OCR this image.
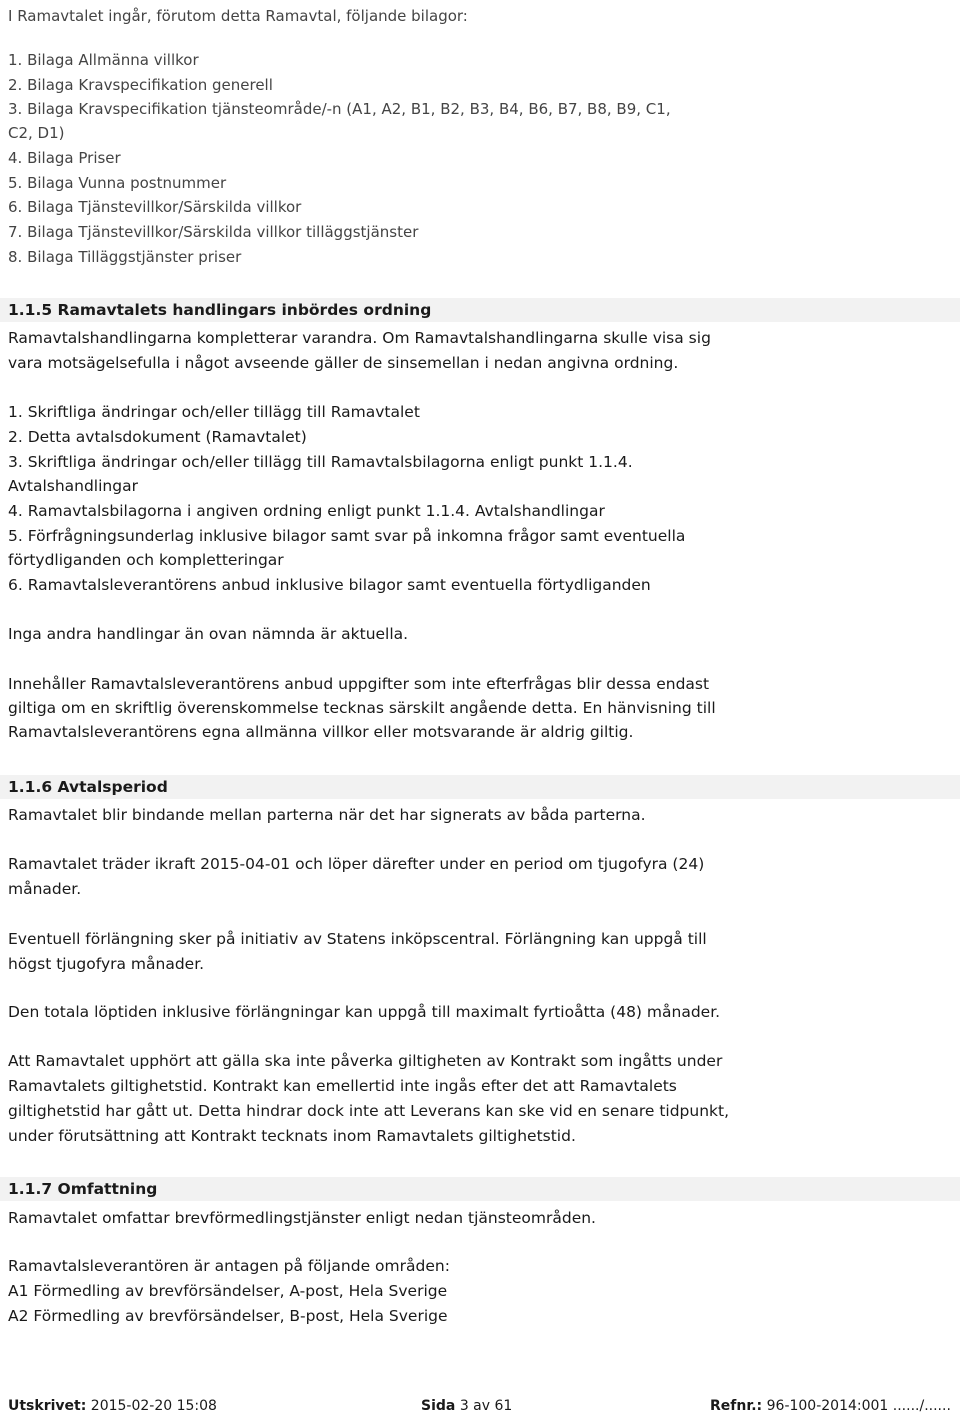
I Ramavtalet ingår, förutom detta Ramavtal, följande bilagor:
1. Bilaga Allmänna villkor
2. Bilaga Kravspecifikation generell
3. Bilaga Kravspecifikation tjänsteområde/-n (A1, A2, B1, B2, B3, B4, B6, B7, B8, B9, C1,
C2, D1)
4. Bilaga Priser
5. Bilaga Vunna postnummer
6. Bilaga Tjänstevillkor/Särskilda villkor
7. Bilaga Tjänstevillkor/Särskilda villkor tilläggstjänster
8. Bilaga Tilläggstjänster priser
1.1.5 Ramavtalets handlingars inbördes ordning
Ramavtalshandlingarna kompletterar varandra. Om Ramavtalshandlingarna skulle visa sig
vara motsägelsefulla i något avseende gäller de sinsemellan i nedan angivna ordning.
1. Skriftliga ändringar och/eller tillägg till Ramavtalet
2. Detta avtalsdokument (Ramavtalet)
3. Skriftliga ändringar och/eller tillägg till Ramavtalsbilagorna enligt punkt 1.1.4.
Avtalshandlingar
4. Ramavtalsbilagorna i angiven ordning enligt punkt 1.1.4. Avtalshandlingar
5. Förfrågningsunderlag inklusive bilagor samt svar på inkomna frågor samt eventuella
förtydliganden och kompletteringar
6. Ramavtalsleverantörens anbud inklusive bilagor samt eventuella förtydliganden
Inga andra handlingar än ovan nämnda är aktuella.
Innehåller Ramavtalsleverantörens anbud uppgifter som inte efterfrågas blir dessa endast
giltiga om en skriftlig överenskommelse tecknas särskilt angående detta. En hänvisning till
Ramavtalsleverantörens egna allmänna villkor eller motsvarande är aldrig giltig.
1.1.6 Avtalsperiod
Ramavtalet blir bindande mellan parterna när det har signerats av båda parterna.
Ramavtalet träder ikraft 2015-04-01 och löper därefter under en period om tjugofyra (24)
månader.
Eventuell förlängning sker på initiativ av Statens inköpscentral. Förlängning kan uppgå till
högst tjugofyra månader.
Den totala löptiden inklusive förlängningar kan uppgå till maximalt fyrtioåtta (48) månader.
Att Ramavtalet upphört att gälla ska inte påverka giltigheten av Kontrakt som ingåtts under
Ramavtalets giltighetstid. Kontrakt kan emellertid inte ingås efter det att Ramavtalets
giltighetstid har gått ut. Detta hindrar dock inte att Leverans kan ske vid en senare tidpunkt,
under förutsättning att Kontrakt tecknats inom Ramavtalets giltighetstid.
1.1.7 Omfattning
Ramavtalet omfattar brevförmedlingstjänster enligt nedan tjänsteområden.
Ramavtalsleverantören är antagen på följande områden:
A1 Förmedling av brevförsändelser, A-post, Hela Sverige
A2 Förmedling av brevförsändelser, B-post, Hela Sverige
Utskrivet: 2015-02-20 15:08	Sida 3 av 61	Refnr.: 96-100-2014:001 ....../......
